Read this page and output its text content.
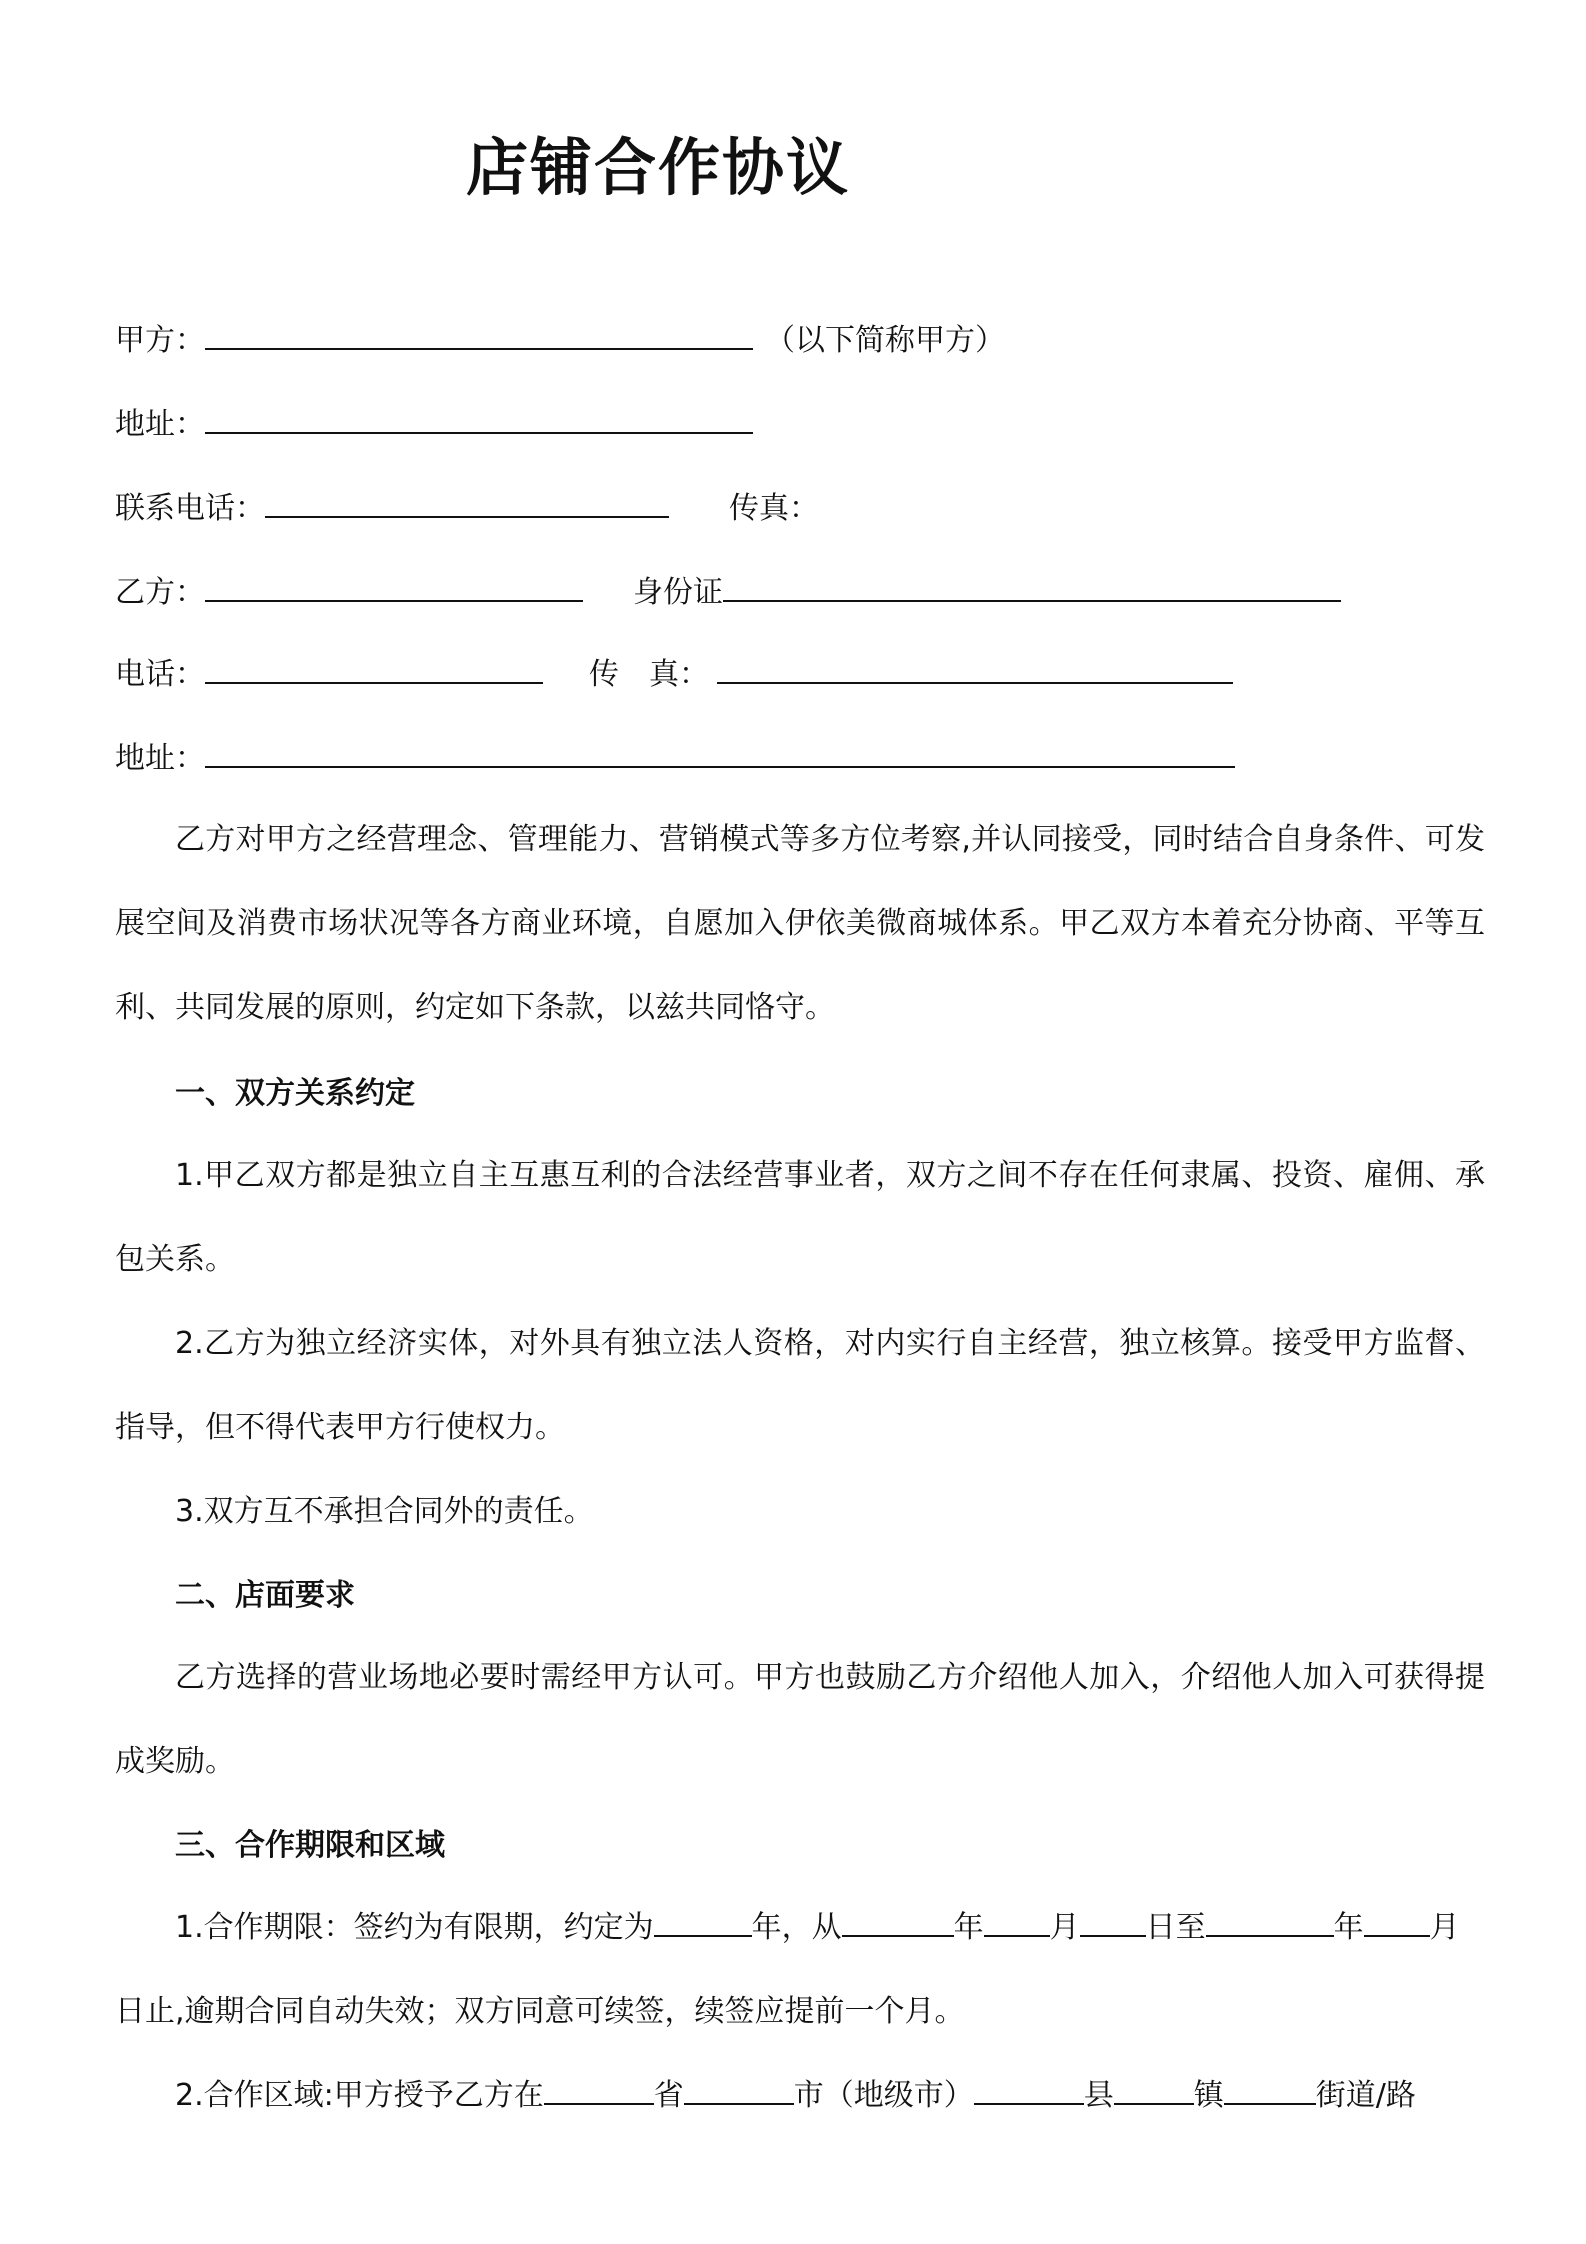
店铺合作协议
甲方：	（以下简称甲方）
地址：
联系电话：	传真：
乙方：	身份证
电话：	传　真：
地址：

乙方对甲方之经营理念、管理能力、营销模式等多方位考察,并认同接受，同时结合自身条件、可发展空间及消费市场状况等各方商业环境，自愿加入伊依美微商城体系。甲乙双方本着充分协商、平等互利、共同发展的原则，约定如下条款，以兹共同恪守。

一、双方关系约定

1.甲乙双方都是独立自主互惠互利的合法经营事业者，双方之间不存在任何隶属、投资、雇佣、承包关系。

2.乙方为独立经济实体，对外具有独立法人资格，对内实行自主经营，独立核算。接受甲方监督、指导，但不得代表甲方行使权力。

3.双方互不承担合同外的责任。

二、店面要求

乙方选择的营业场地必要时需经甲方认可。甲方也鼓励乙方介绍他人加入，介绍他人加入可获得提成奖励。

三、合作期限和区域

1.合作期限：签约为有限期，约定为	年，从	年 月 日至	年 月

日止,逾期合同自动失效；双方同意可续签，续签应提前一个月。

2.合作区域:甲方授予乙方在	省	市（地级市）	县	镇	街道/路
